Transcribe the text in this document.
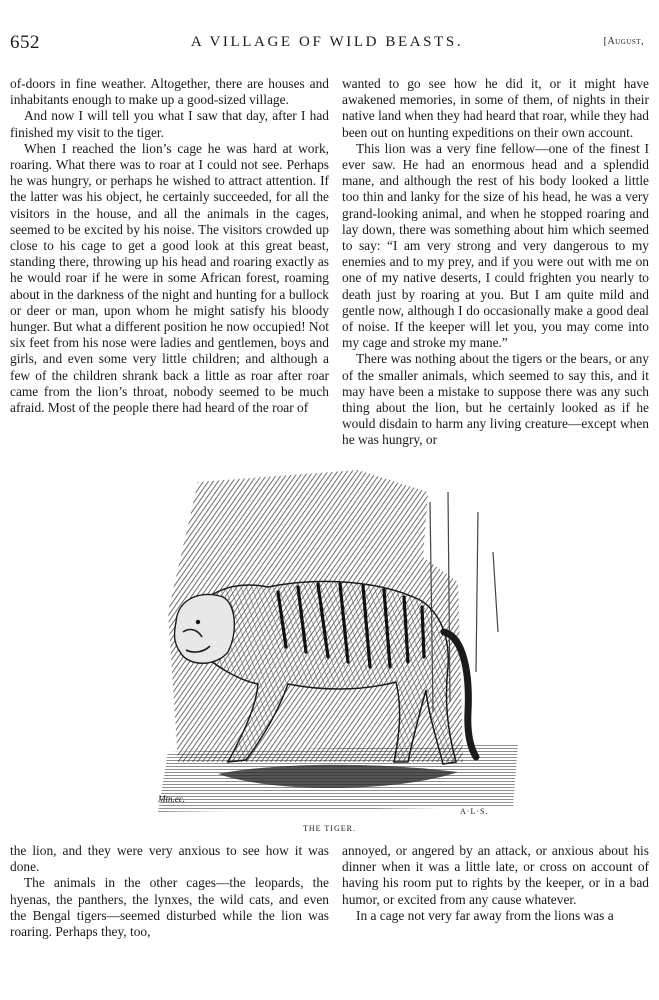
652	A VILLAGE OF WILD BEASTS.	[August,

of-doors in fine weather. Altogether, there are houses and inhabitants enough to make up a good-sized village.

And now I will tell you what I saw that day, after I had finished my visit to the tiger.

When I reached the lion’s cage he was hard at work, roaring. What there was to roar at I could not see. Perhaps he was hungry, or perhaps he wished to attract attention. If the latter was his object, he certainly succeeded, for all the visitors in the house, and all the animals in the cages, seemed to be excited by his noise. The visitors crowded up close to his cage to get a good look at this great beast, standing there, throwing up his head and roaring exactly as he would roar if he were in some African forest, roaming about in the darkness of the night and hunting for a bullock or deer or man, upon whom he might satisfy his bloody hunger. But what a different position he now occupied! Not six feet from his nose were ladies and gentlemen, boys and girls, and even some very little children; and although a few of the children shrank back a little as roar after roar came from the lion’s throat, nobody seemed to be much afraid. Most of the people there had heard of the roar of

wanted to go see how he did it, or it might have awakened memories, in some of them, of nights in their native land when they had heard that roar, while they had been out on hunting expeditions on their own account.

This lion was a very fine fellow—one of the finest I ever saw. He had an enormous head and a splendid mane, and although the rest of his body looked a little too thin and lanky for the size of his head, he was a very grand-looking animal, and when he stopped roaring and lay down, there was something about him which seemed to say: “I am very strong and very dangerous to my enemies and to my prey, and if you were out with me on one of my native deserts, I could frighten you nearly to death just by roaring at you. But I am quite mild and gentle now, although I do occasionally make a good deal of noise. If the keeper will let you, you may come into my cage and stroke my mane.”

There was nothing about the tigers or the bears, or any of the smaller animals, which seemed to say this, and it may have been a mistake to suppose there was any such thing about the lion, but he certainly looked as if he would disdain to harm any living creature—except when he was hungry, or

Mtn.ec.
A·L·S.
THE TIGER.

the lion, and they were very anxious to see how it was done.

The animals in the other cages—the leopards, the hyenas, the panthers, the lynxes, the wild cats, and even the Bengal tigers—seemed disturbed while the lion was roaring. Perhaps they, too,

annoyed, or angered by an attack, or anxious about his dinner when it was a little late, or cross on account of having his room put to rights by the keeper, or in a bad humor, or excited from any cause whatever.

In a cage not very far away from the lions was a
